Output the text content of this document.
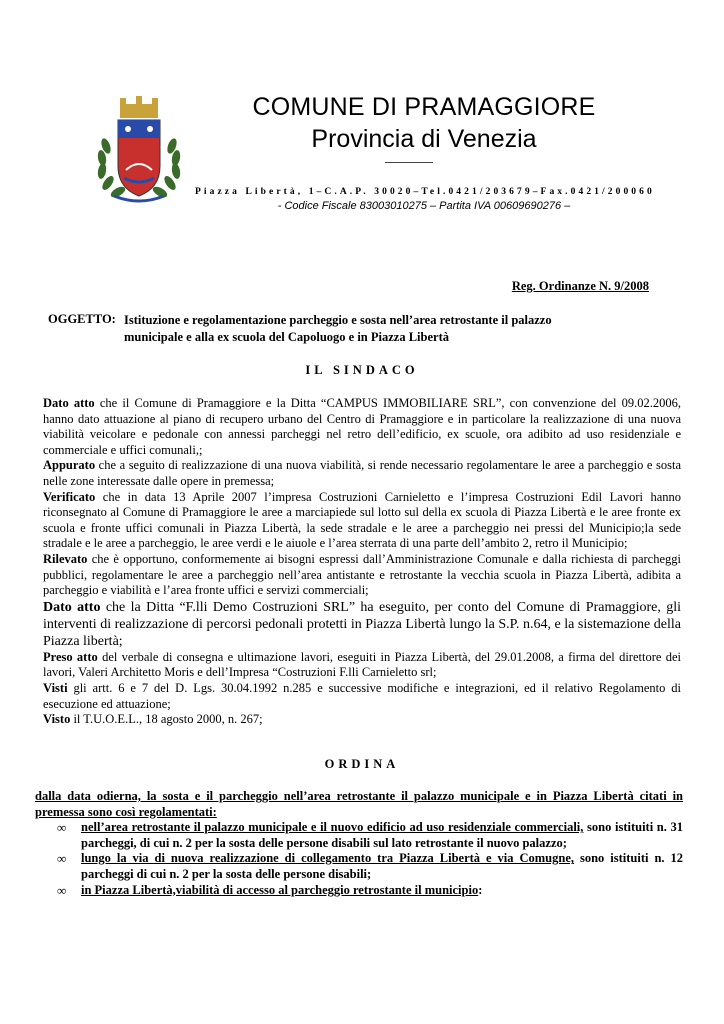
COMUNE DI PRAMAGGIORE
Provincia di Venezia
Piazza Libertà, 1–C.A.P. 30020–Tel.0421/203679–Fax.0421/200060
- Codice Fiscale 83003010275 – Partita IVA 00609690276 –
Reg. Ordinanze N. 9/2008
OGGETTO: Istituzione e regolamentazione parcheggio e sosta nell’area retrostante il palazzo
municipale e alla ex scuola del Capoluogo e in Piazza Libertà
IL SINDACO

Dato atto che il Comune di Pramaggiore e la Ditta “CAMPUS IMMOBILIARE SRL”, con convenzione del 09.02.2006, hanno dato attuazione al piano di recupero urbano del Centro di Pramaggiore e in particolare la realizzazione di una nuova viabilità veicolare e pedonale con annessi parcheggi nel retro dell’edificio, ex scuole, ora adibito ad uso residenziale e commerciale e uffici comunali,;

Appurato che a seguito di realizzazione di una nuova viabilità, si rende necessario regolamentare le aree a parcheggio e sosta nelle zone interessate dalle opere in premessa;

Verificato che in data 13 Aprile 2007 l’impresa Costruzioni Carnieletto e l’impresa Costruzioni Edil Lavori hanno riconsegnato al Comune di Pramaggiore le aree a marciapiede sul lotto sul della ex scuola di Piazza Libertà e le aree fronte ex scuola e fronte uffici comunali in Piazza Libertà, la sede stradale e le aree a parcheggio nei pressi del Municipio;la sede stradale e le aree a parcheggio, le aree verdi e le aiuole e l’area sterrata di una parte dell’ambito 2, retro il Municipio;

Rilevato che è opportuno, conformemente ai bisogni espressi dall’Amministrazione Comunale e dalla richiesta di parcheggi pubblici, regolamentare le aree a parcheggio nell’area antistante e retrostante la vecchia scuola in Piazza Libertà, adibita a parcheggio e viabilità e l’area fronte uffici e servizi commerciali;

Dato atto che la Ditta “F.lli Demo Costruzioni SRL” ha eseguito, per conto del Comune di Pramaggiore, gli interventi di realizzazione di percorsi pedonali protetti in Piazza Libertà lungo la S.P. n.64, e la sistemazione della Piazza libertà;

Preso atto del verbale di consegna e ultimazione lavori, eseguiti in Piazza Libertà, del 29.01.2008, a firma del direttore dei lavori, Valeri Architetto Moris e dell’Impresa “Costruzioni F.lli Carnieletto srl;

Visti gli artt. 6 e 7 del D. Lgs. 30.04.1992 n.285 e successive modifiche e integrazioni, ed il relativo Regolamento di esecuzione ed attuazione;

Visto il T.U.O.E.L., 18 agosto 2000, n. 267;

ORDINA
dalla data odierna, la sosta e il parcheggio nell’area retrostante il palazzo municipale e in Piazza Libertà citati in premessa sono così regolamentati:
∞ nell’area retrostante il palazzo municipale e il nuovo edificio ad uso residenziale commerciali, sono istituiti n. 31 parcheggi, di cui n. 2 per la sosta delle persone disabili sul lato retrostante il nuovo palazzo;
∞ lungo la via di nuova realizzazione di collegamento tra Piazza Libertà e via Comugne, sono istituiti n. 12 parcheggi di cui n. 2 per la sosta delle persone disabili;
∞ in Piazza Libertà,viabilità di accesso al parcheggio retrostante il municipio:
